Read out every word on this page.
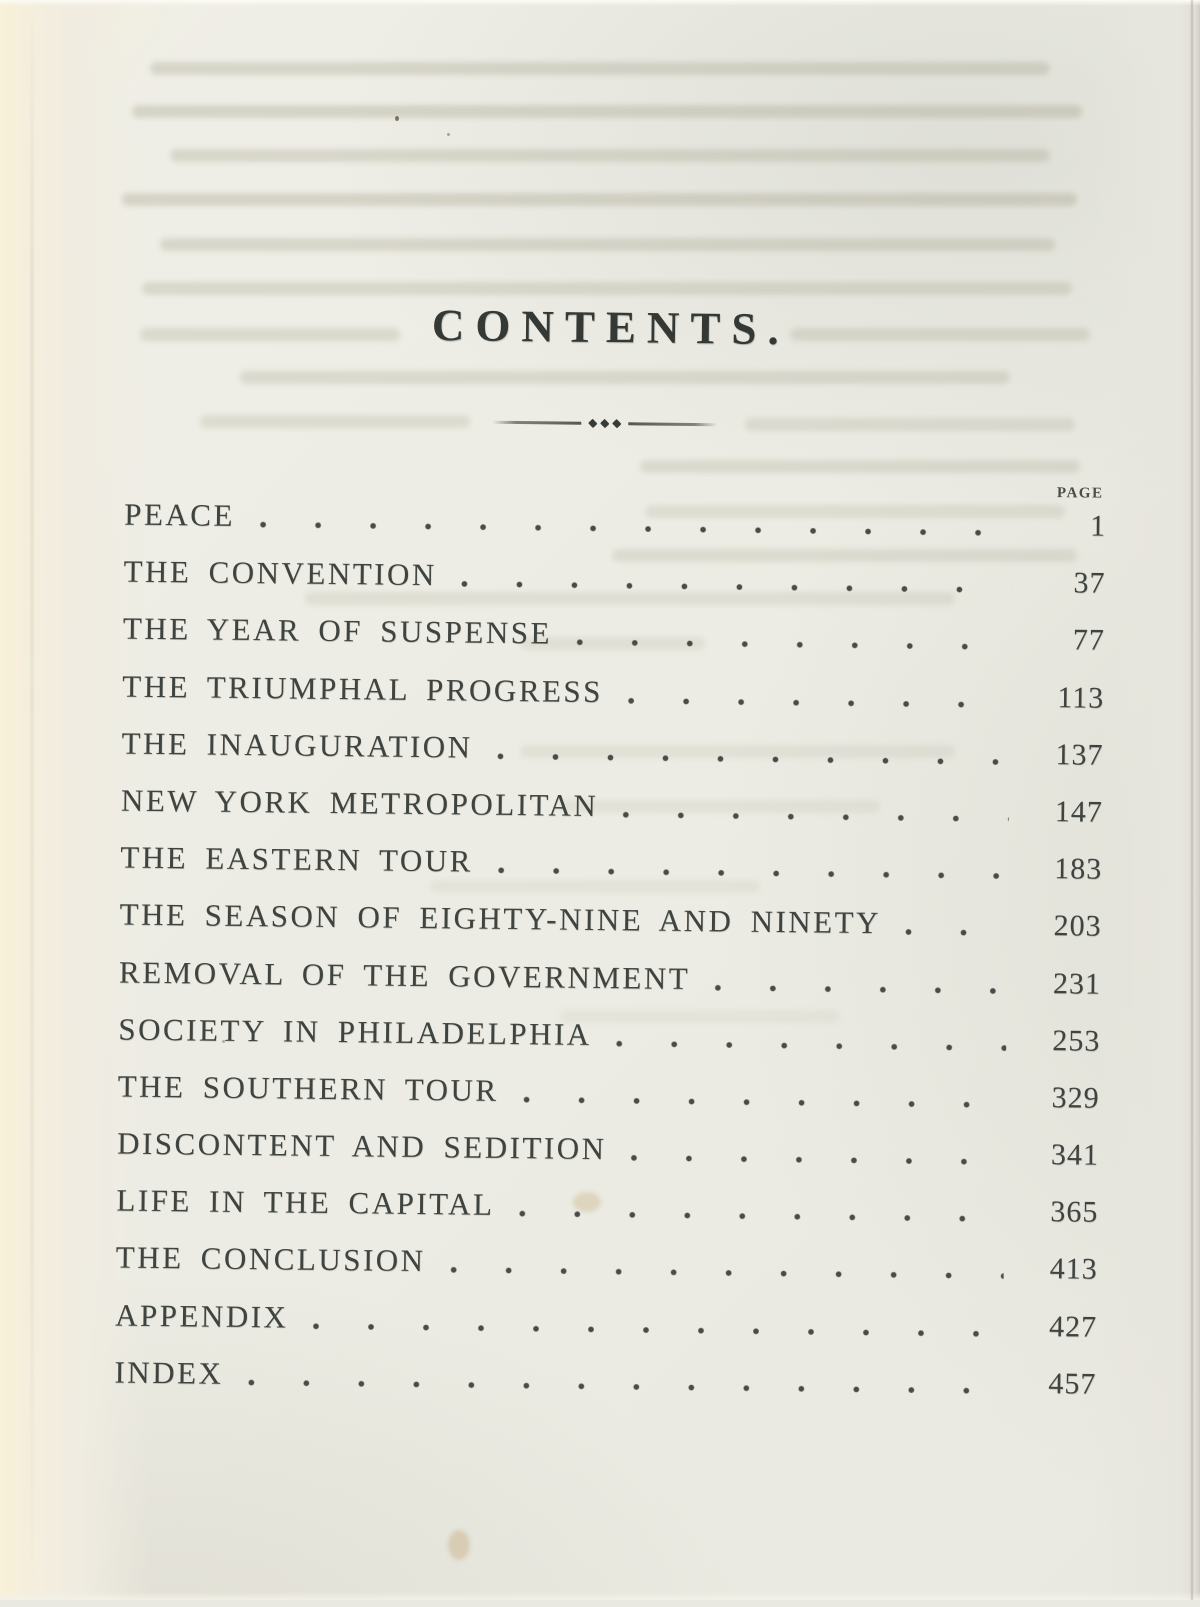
CONTENTS.
PAGE
PEACE	1
THE CONVENTION	37
THE YEAR OF SUSPENSE	77
THE TRIUMPHAL PROGRESS	113
THE INAUGURATION	137
NEW YORK METROPOLITAN	147
THE EASTERN TOUR	183
THE SEASON OF EIGHTY-NINE AND NINETY	203
REMOVAL OF THE GOVERNMENT	231
SOCIETY IN PHILADELPHIA	253
THE SOUTHERN TOUR	329
DISCONTENT AND SEDITION	341
LIFE IN THE CAPITAL	365
THE CONCLUSION	413
APPENDIX	427
INDEX	457
